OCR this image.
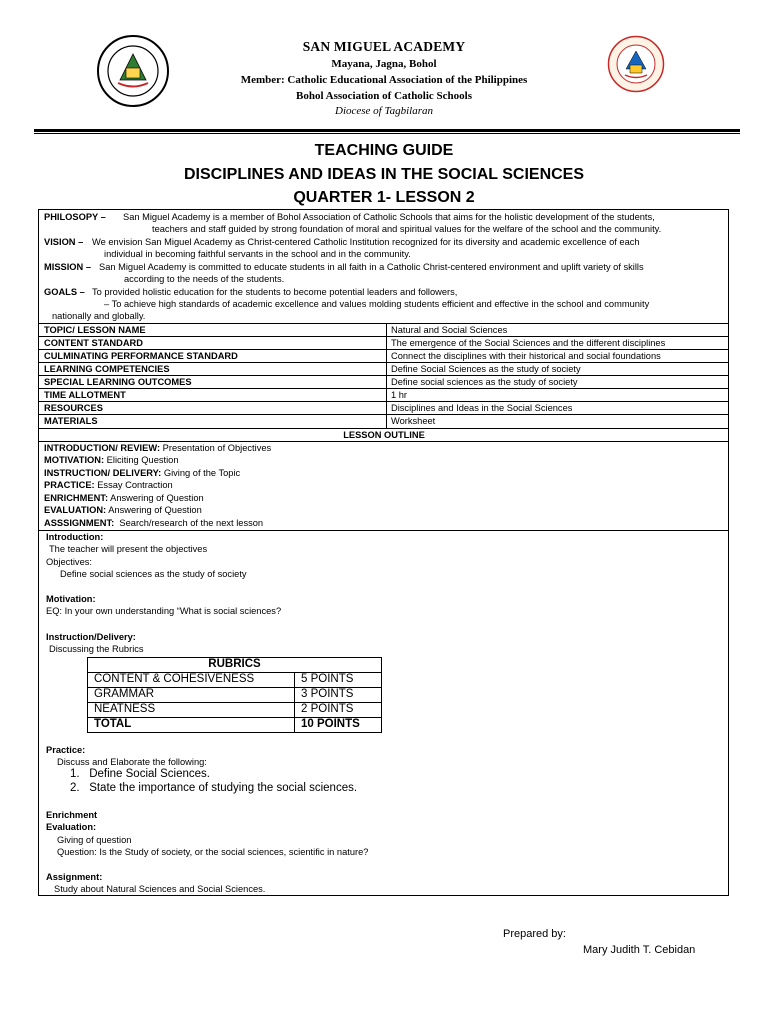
SAN MIGUEL ACADEMY
Mayana, Jagna, Bohol
Member: Catholic Educational Association of the Philippines
Bohol Association of Catholic Schools
Diocese of Tagbilaran
TEACHING GUIDE
DISCIPLINES AND IDEAS IN THE SOCIAL SCIENCES
QUARTER 1- LESSON 2
PHILOSOPY – San Miguel Academy is a member of Bohol Association of Catholic Schools that aims for the holistic development of the students,
teachers and staff guided by strong foundation of moral and spiritual values for the welfare of the school and the community.
VISION – We envision San Miguel Academy as Christ-centered Catholic Institution recognized for its diversity and academic excellence of each
individual in becoming faithful servants in the school and in the community.
MISSION – San Miguel Academy is committed to educate students in all faith in a Catholic Christ-centered environment and uplift variety of skills
according to the needs of the students.
GOALS – To provided holistic education for the students to become potential leaders and followers,
– To achieve high standards of academic excellence and values molding students efficient and effective in the school and community
nationally and globally.
TOPIC/ LESSON NAME	Natural and Social Sciences
CONTENT STANDARD	The emergence of the Social Sciences and the different disciplines
CULMINATING PERFORMANCE STANDARD	Connect the disciplines with their historical and social foundations
LEARNING COMPETENCIES	Define Social Sciences as the study of society
SPECIAL LEARNING OUTCOMES	Define social sciences as the study of society
TIME ALLOTMENT	1 hr
RESOURCES	Disciplines and Ideas in the Social Sciences
MATERIALS	Worksheet
LESSON OUTLINE
INTRODUCTION/ REVIEW: Presentation of Objectives
MOTIVATION: Eliciting Question
INSTRUCTION/ DELIVERY: Giving of the Topic
PRACTICE: Essay Contraction
ENRICHMENT: Answering of Question
EVALUATION: Answering of Question
ASSSIGNMENT: Search/research of the next lesson
Introduction:
The teacher will present the objectives
Objectives:
Define social sciences as the study of society
Motivation:
EQ: In your own understanding “What is social sciences?
Instruction/Delivery:
Discussing the Rubrics
RUBRICS	
CONTENT & COHESIVENESS	5 POINTS
GRAMMAR	3 POINTS
NEATNESS	2 POINTS
TOTAL	10 POINTS
Practice:
Discuss and Elaborate the following:
1.   Define Social Sciences.
2.   State the importance of studying the social sciences.
Enrichment
Evaluation:
Giving of question
Question: Is the Study of society, or the social sciences, scientific in nature?
Assignment:
Study about Natural Sciences and Social Sciences.
Prepared by:
Mary Judith T. Cebidan
